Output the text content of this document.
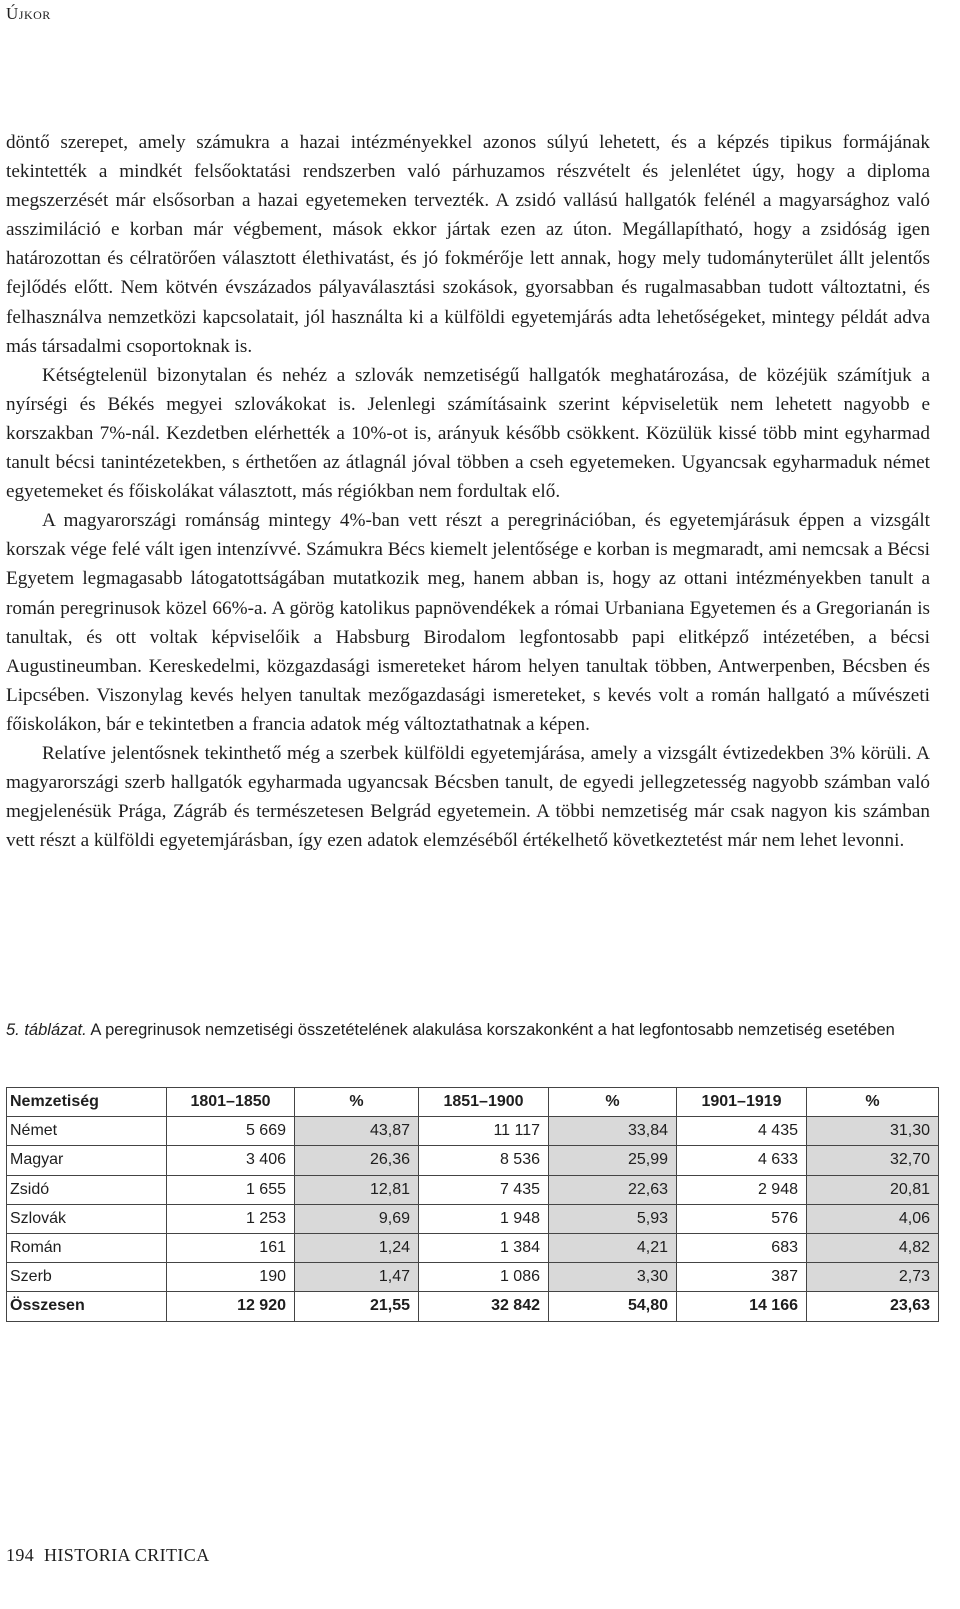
Újkor

döntő szerepet, amely számukra a hazai intézményekkel azonos súlyú lehetett, és a képzés tipikus formájának tekintették a mindkét felsőoktatási rendszerben való párhuzamos részvételt és jelenlétet úgy, hogy a diploma megszerzését már elsősorban a hazai egyetemeken tervezték. A zsidó vallású hallgatók felénél a magyarsághoz való asszimiláció e korban már végbement, mások ekkor jártak ezen az úton. Megállapítható, hogy a zsidóság igen határozottan és célratörően választott élethivatást, és jó fokmérője lett annak, hogy mely tudományterület állt jelentős fejlődés előtt. Nem kötvén évszázados pályaválasztási szokások, gyorsabban és rugalmasabban tudott változtatni, és felhasználva nemzetközi kapcsolatait, jól használta ki a külföldi egyetemjárás adta lehetőségeket, mintegy példát adva más társadalmi csoportoknak is.

Kétségtelenül bizonytalan és nehéz a szlovák nemzetiségű hallgatók meghatározása, de közéjük számítjuk a nyírségi és Békés megyei szlovákokat is. Jelenlegi számításaink szerint képviseletük nem lehetett nagyobb e korszakban 7%-nál. Kezdetben elérhették a 10%-ot is, arányuk később csökkent. Közülük kissé több mint egyharmad tanult bécsi tanintézetekben, s érthetően az átlagnál jóval többen a cseh egyetemeken. Ugyancsak egyharmaduk német egyetemeket és főiskolákat választott, más régiókban nem fordultak elő.

A magyarországi románság mintegy 4%-ban vett részt a peregrinációban, és egyetemjárásuk éppen a vizsgált korszak vége felé vált igen intenzívvé. Számukra Bécs kiemelt jelentősége e korban is megmaradt, ami nemcsak a Bécsi Egyetem legmagasabb látogatottságában mutatkozik meg, hanem abban is, hogy az ottani intézményekben tanult a román peregrinusok közel 66%-a. A görög katolikus papnövendékek a római Urbaniana Egyetemen és a Gregorianán is tanultak, és ott voltak képviselőik a Habsburg Birodalom legfontosabb papi elitképző intézetében, a bécsi Augustineumban. Kereskedelmi, közgazdasági ismereteket három helyen tanultak többen, Antwerpenben, Bécsben és Lipcsében. Viszonylag kevés helyen tanultak mezőgazdasági ismereteket, s kevés volt a román hallgató a művészeti főiskolákon, bár e tekintetben a francia adatok még változtathatnak a képen.

Relatíve jelentősnek tekinthető még a szerbek külföldi egyetemjárása, amely a vizsgált évtizedekben 3% körüli. A magyarországi szerb hallgatók egyharmada ugyancsak Bécsben tanult, de egyedi jellegzetesség nagyobb számban való megjelenésük Prága, Zágráb és természetesen Belgrád egyetemein. A többi nemzetiség már csak nagyon kis számban vett részt a külföldi egyetemjárásban, így ezen adatok elemzéséből értékelhető következtetést már nem lehet levonni.

5. táblázat. A peregrinusok nemzetiségi összetételének alakulása korszakonként a hat legfontosabb nemzetiség esetében
Nemzetiség	1801–1850	%	1851–1900	%	1901–1919	%
Német	5 669	43,87	11 117	33,84	4 435	31,30
Magyar	3 406	26,36	8 536	25,99	4 633	32,70
Zsidó	1 655	12,81	7 435	22,63	2 948	20,81
Szlovák	1 253	9,69	1 948	5,93	576	4,06
Román	161	1,24	1 384	4,21	683	4,82
Szerb	190	1,47	1 086	3,30	387	2,73
Összesen	12 920	21,55	32 842	54,80	14 166	23,63
194 HISTORIA CRITICA
